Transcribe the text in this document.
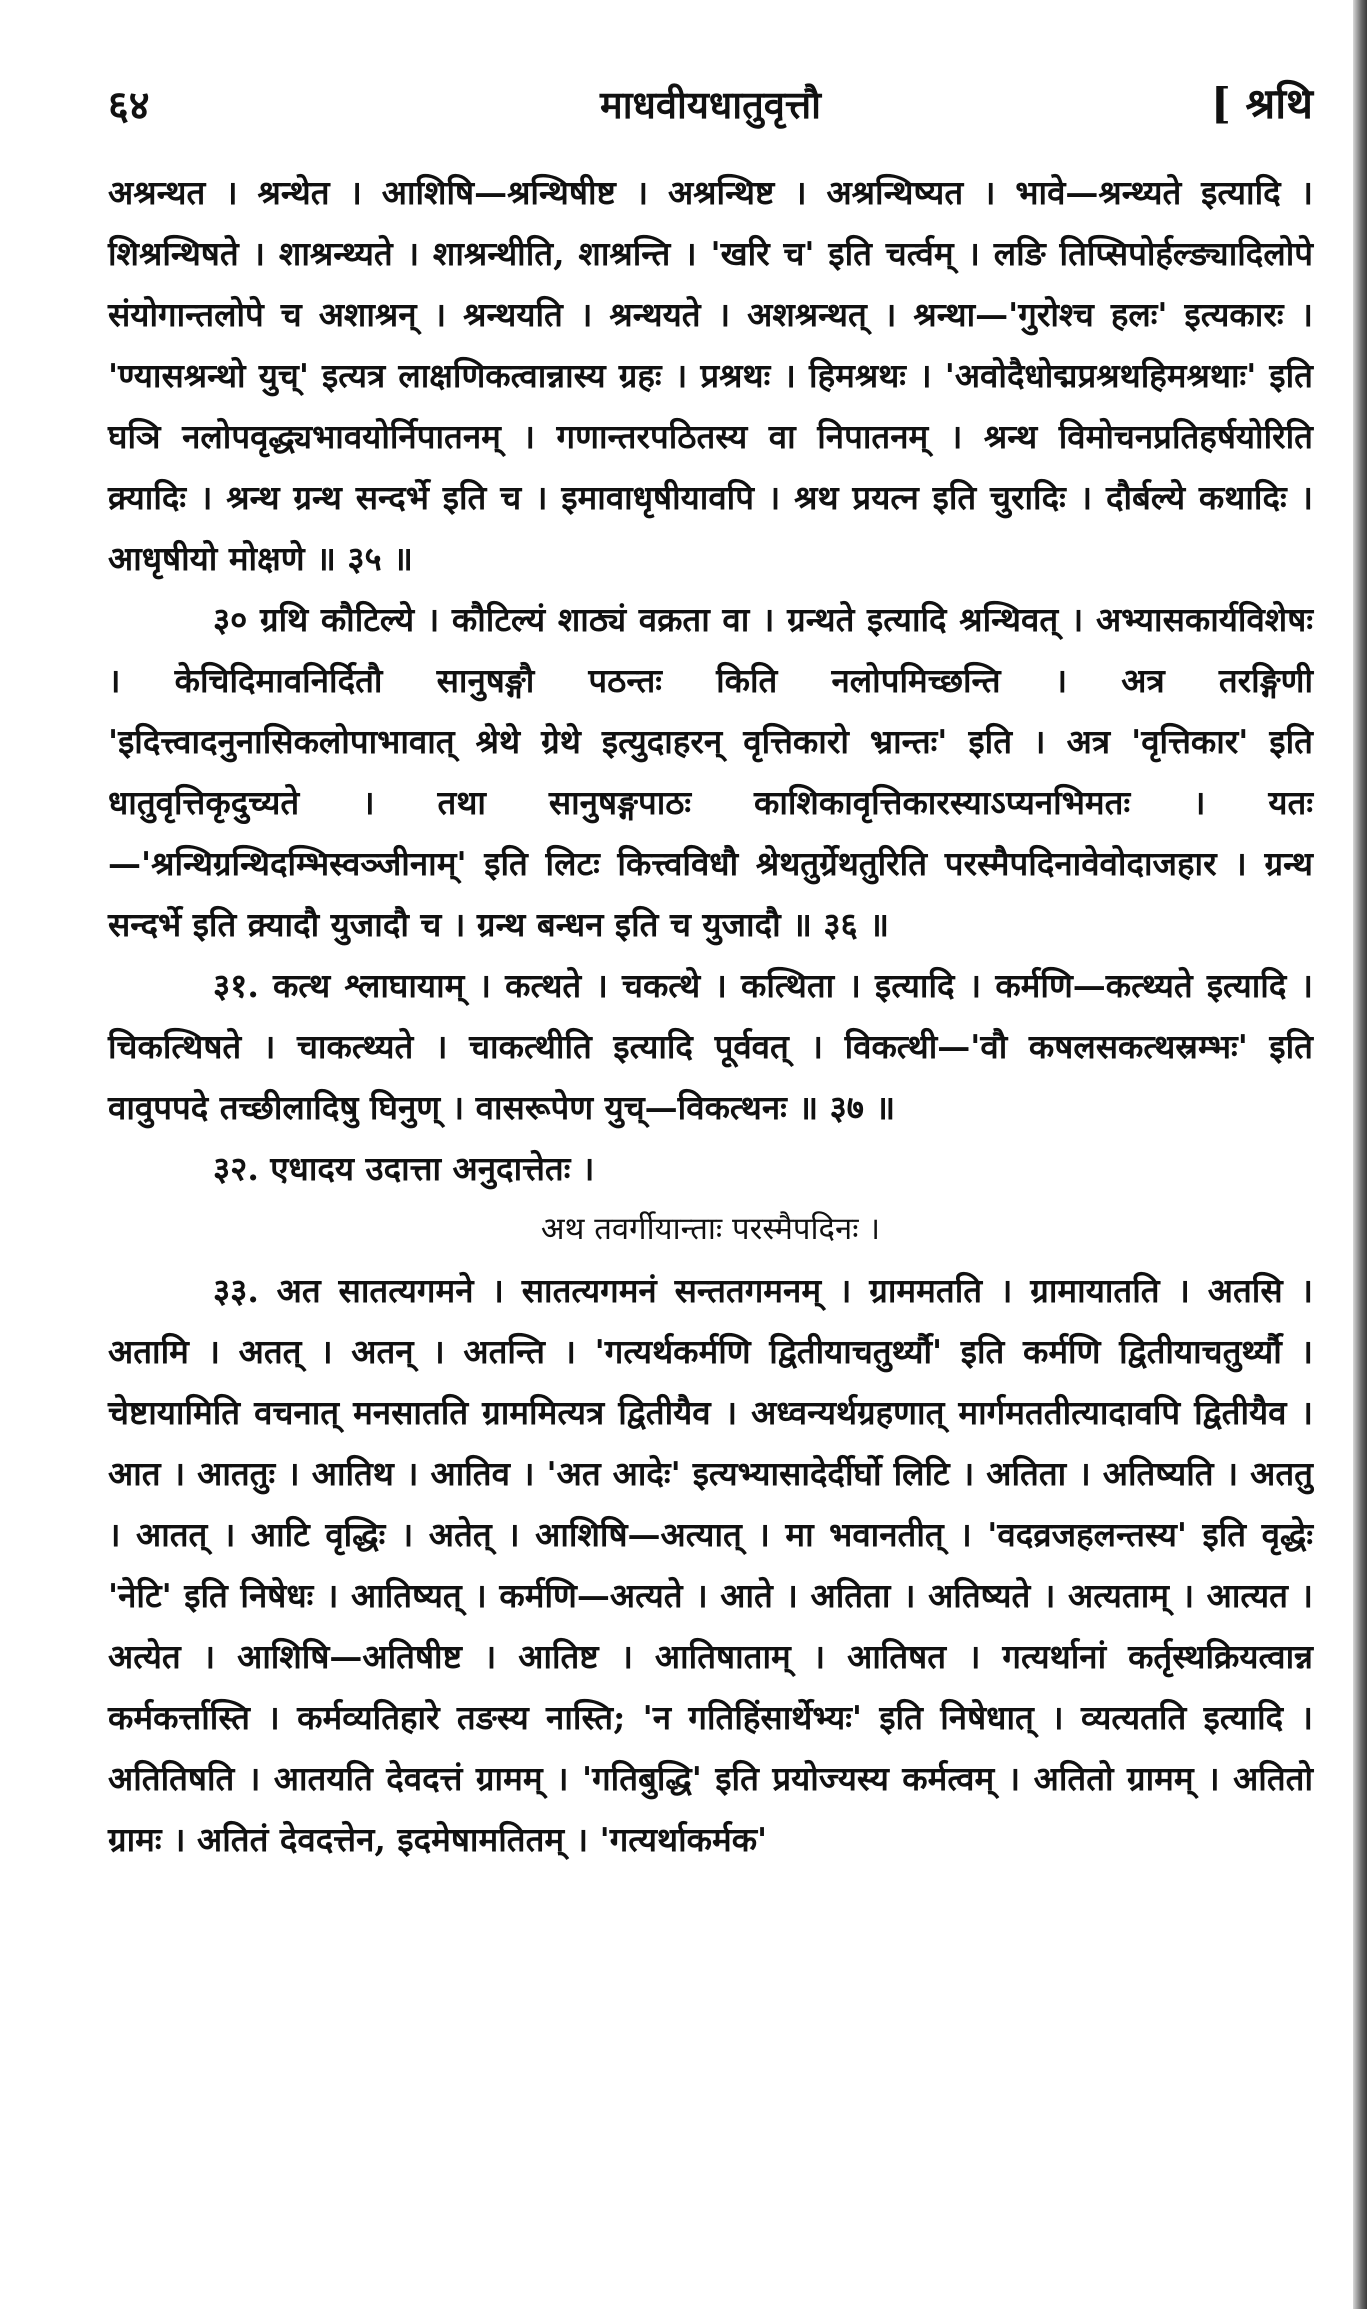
६४	माधवीयधातुवृत्तौ	[ श्रथि

अश्रन्थत । श्रन्थेत । आशिषि—श्रन्थिषीष्ट । अश्रन्थिष्ट । अश्रन्थिष्यत । भावे—श्रन्थ्यते इत्यादि । शिश्रन्थिषते । शाश्रन्थ्यते । शाश्रन्थीति, शाश्रन्ति । 'खरि च' इति चर्त्वम् । लङि तिप्सिपोर्हल्ङ्यादिलोपे संयोगान्तलोपे च अशाश्रन् । श्रन्थयति । श्रन्थयते । अशश्रन्थत् । श्रन्था—'गुरोश्च हलः' इत्यकारः । 'ण्यासश्रन्थो युच्' इत्यत्र लाक्षणिकत्वान्नास्य ग्रहः । प्रश्रथः । हिमश्रथः । 'अवोदैधोद्मप्रश्रथहिमश्रथाः' इति घञि नलोपवृद्ध्यभावयोर्निपातनम् । गणान्तरपठितस्य वा निपातनम् । श्रन्थ विमोचनप्रतिहर्षयोरिति क्र्यादिः । श्रन्थ ग्रन्थ सन्दर्भे इति च । इमावाधृषीयावपि । श्रथ प्रयत्न इति चुरादिः । दौर्बल्ये कथादिः । आधृषीयो मोक्षणे ॥ ३५ ॥

३० ग्रथि कौटिल्ये । कौटिल्यं शाठ्यं वक्रता वा । ग्रन्थते इत्यादि श्रन्थिवत् । अभ्यासकार्यविशेषः । केचिदिमावनिर्दितौ सानुषङ्गौ पठन्तः किति नलोपमिच्छन्ति । अत्र तरङ्गिणी 'इदित्त्वादनुनासिकलोपाभावात् श्रेथे ग्रेथे इत्युदाहरन् वृत्तिकारो भ्रान्तः' इति । अत्र 'वृत्तिकार' इति धातुवृत्तिकृदुच्यते । तथा सानुषङ्गपाठः काशिकावृत्तिकारस्याऽप्यनभिमतः । यतः—'श्रन्थिग्रन्थिदम्भिस्वञ्जीनाम्' इति लिटः कित्त्वविधौ श्रेथतुर्ग्रेथतुरिति परस्मैपदिनावेवोदाजहार । ग्रन्थ सन्दर्भे इति क्र्यादौ युजादौ च । ग्रन्थ बन्धन इति च युजादौ ॥ ३६ ॥

३१. कत्थ श्लाघायाम् । कत्थते । चकत्थे । कत्थिता । इत्यादि । कर्मणि—कत्थ्यते इत्यादि । चिकत्थिषते । चाकत्थ्यते । चाकत्थीति इत्यादि पूर्ववत् । विकत्थी—'वौ कषलसकत्थस्रम्भः' इति वावुपपदे तच्छीलादिषु घिनुण् । वासरूपेण युच्—विकत्थनः ॥ ३७ ॥

३२. एधादय उदात्ता अनुदात्तेतः ।

अथ तवर्गीयान्ताः परस्मैपदिनः ।

३३. अत सातत्यगमने । सातत्यगमनं सन्ततगमनम् । ग्राममतति । ग्रामायातति । अतसि । अतामि । अतत् । अतन् । अतन्ति । 'गत्यर्थकर्मणि द्वितीयाचतुर्थ्यौ' इति कर्मणि द्वितीयाचतुर्थ्यौ । चेष्टायामिति वचनात् मनसातति ग्राममित्यत्र द्वितीयैव । अध्वन्यर्थग्रहणात् मार्गमततीत्यादावपि द्वितीयैव । आत । आततुः । आतिथ । आतिव । 'अत आदेः' इत्यभ्यासादेर्दीर्घो लिटि । अतिता । अतिष्यति । अततु । आतत् । आटि वृद्धिः । अतेत् । आशिषि—अत्यात् । मा भवानतीत् । 'वदव्रजहलन्तस्य' इति वृद्धेः 'नेटि' इति निषेधः । आतिष्यत् । कर्मणि—अत्यते । आते । अतिता । अतिष्यते । अत्यताम् । आत्यत । अत्येत । आशिषि—अतिषीष्ट । आतिष्ट । आतिषाताम् । आतिषत । गत्यर्थानां कर्तृस्थक्रियत्वान्न कर्मकर्त्तास्ति । कर्मव्यतिहारे तङस्य नास्ति; 'न गतिहिंसार्थेभ्यः' इति निषेधात् । व्यत्यतति इत्यादि । अतितिषति । आतयति देवदत्तं ग्रामम् । 'गतिबुद्धि' इति प्रयोज्यस्य कर्मत्वम् । अतितो ग्रामम् । अतितो ग्रामः । अतितं देवदत्तेन, इदमेषामतितम् । 'गत्यर्थाकर्मक'
